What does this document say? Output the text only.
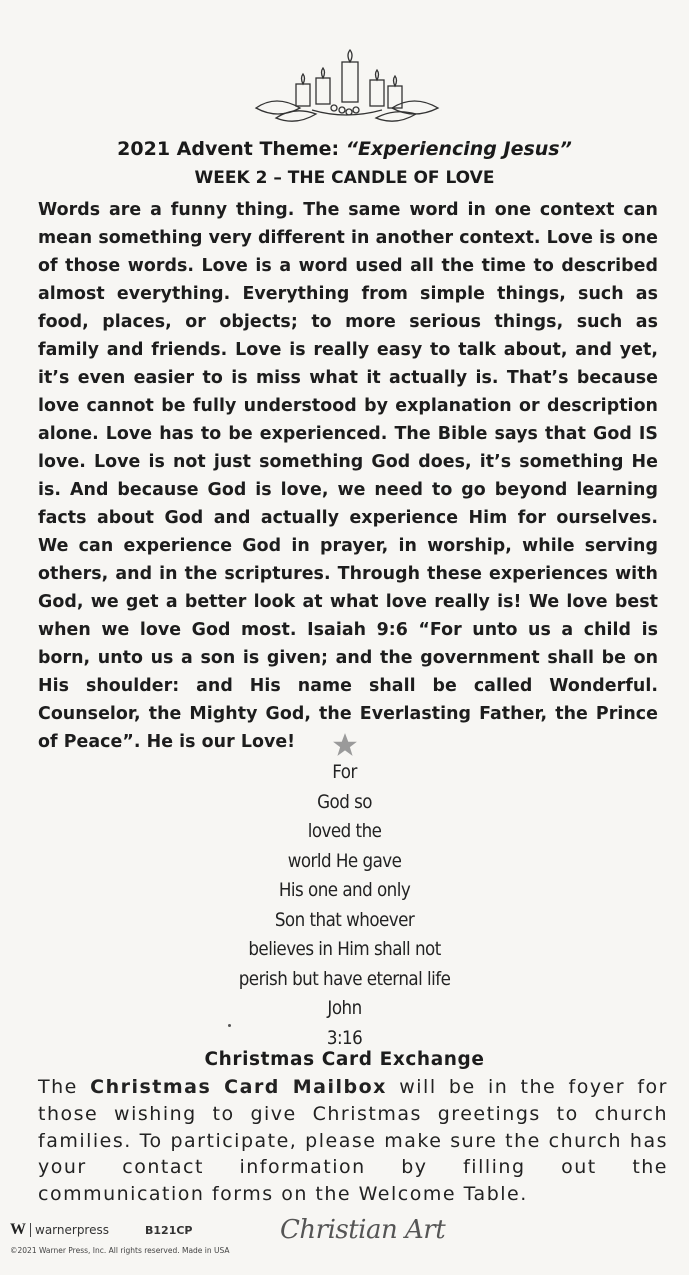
2021 Advent Theme: “Experiencing Jesus”
WEEK 2 – THE CANDLE OF LOVE
Words are a funny thing. The same word in one context can mean something very different in another context. Love is one of those words. Love is a word used all the time to described almost everything. Everything from simple things, such as food, places, or objects; to more serious things, such as family and friends. Love is really easy to talk about, and yet, it’s even easier to is miss what it actually is. That’s because love cannot be fully understood by explanation or description alone. Love has to be experienced. The Bible says that God IS love. Love is not just something God does, it’s something He is. And because God is love, we need to go beyond learning facts about God and actually experience Him for ourselves. We can experience God in prayer, in worship, while serving others, and in the scriptures. Through these experiences with God, we get a better look at what love really is! We love best when we love God most. Isaiah 9:6 “For unto us a child is born, unto us a son is given; and the government shall be on His shoulder: and His name shall be called Wonderful. Counselor, the Mighty God, the Everlasting Father, the Prince of Peace”. He is our Love!
For
God so
loved the
world He gave
His one and only
Son that whoever
believes in Him shall not
perish but have eternal life
John
3:16
Christmas Card Exchange
The Christmas Card Mailbox will be in the foyer for those wishing to give Christmas greetings to church families. To participate, please make sure the church has your contact information by filling out the communication forms on the Welcome Table.
W warnerpress	B121CP
©2021 Warner Press, Inc. All rights reserved. Made in USA
Christian Art
